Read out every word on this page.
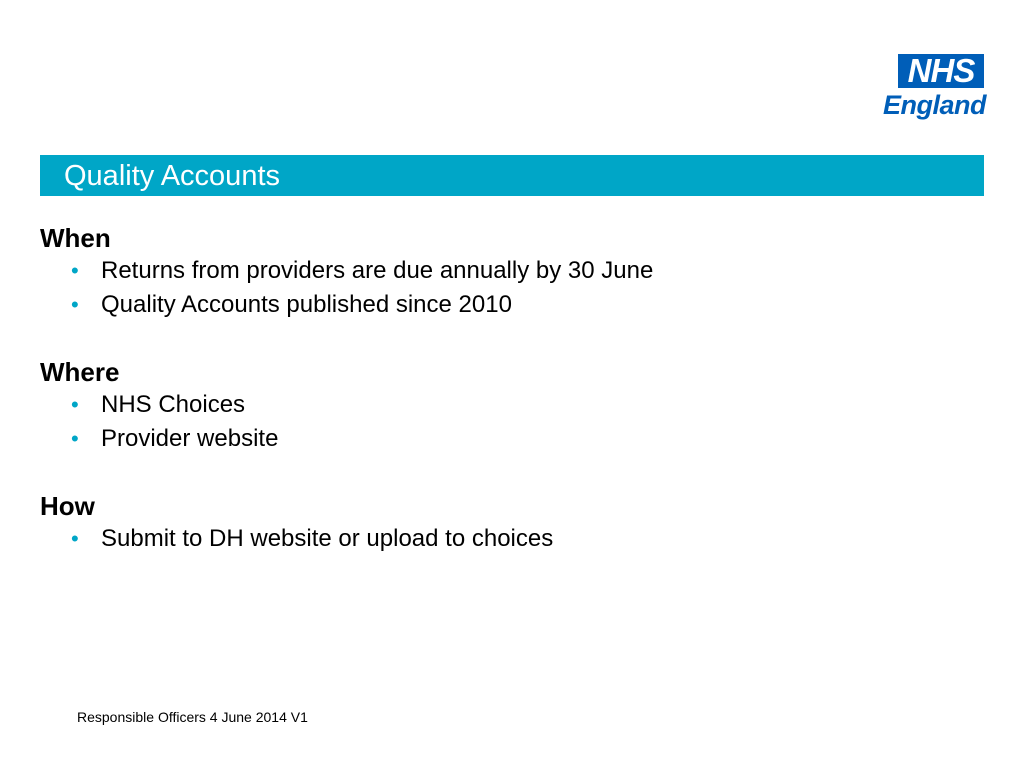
NHS
England
Quality Accounts
When
• Returns from providers are due annually by 30 June
• Quality Accounts published since 2010
Where
• NHS Choices
• Provider website
How
• Submit to DH website or upload to choices
Responsible Officers 4 June 2014 V1
